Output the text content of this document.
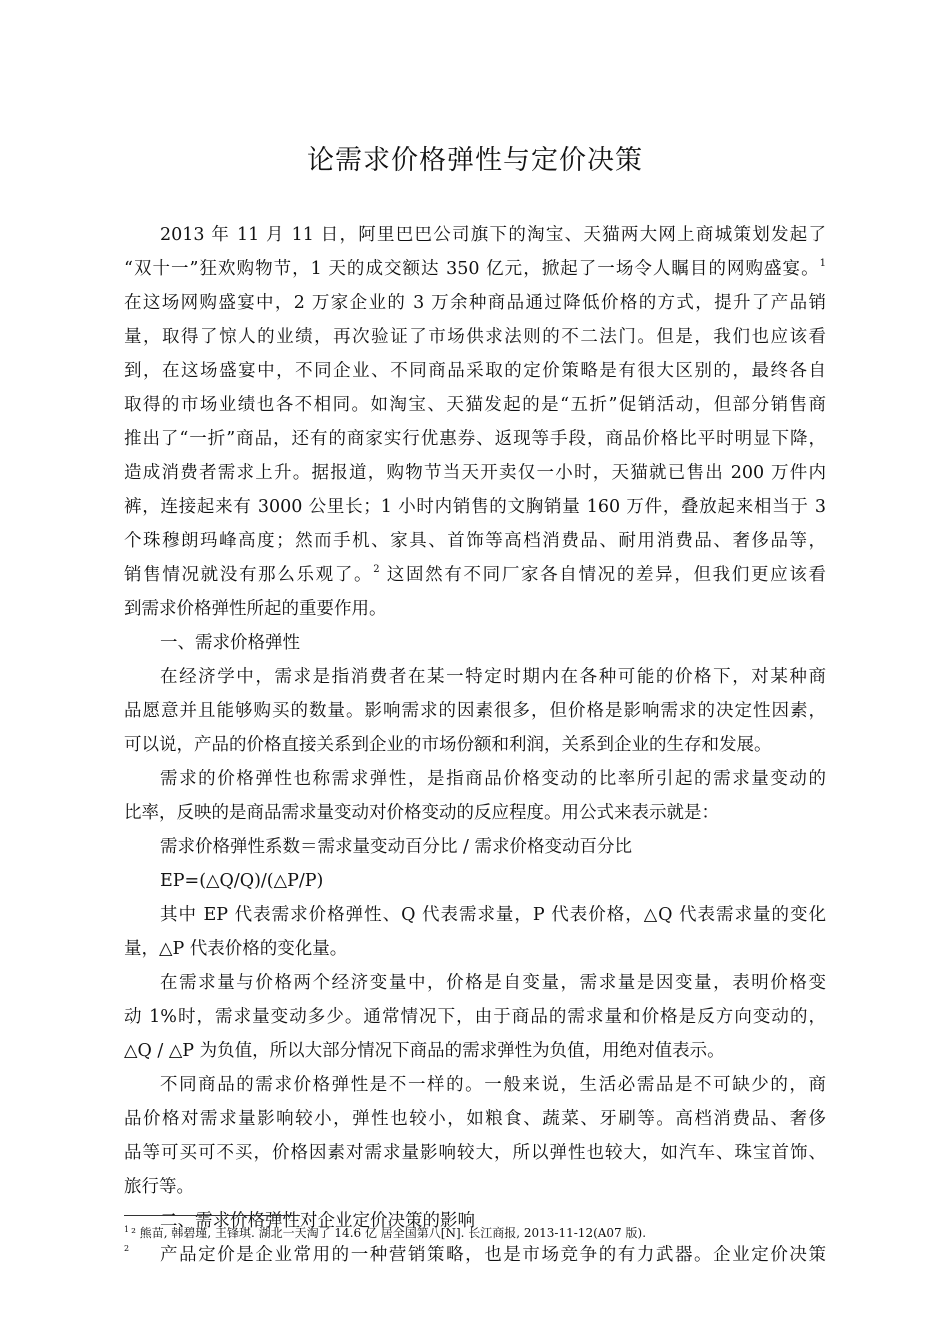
论需求价格弹性与定价决策
2013 年 11 月 11 日，阿里巴巴公司旗下的淘宝、天猫两大网上商城策划发起了
“双十一”狂欢购物节，1 天的成交额达 350 亿元，掀起了一场令人瞩目的网购盛宴。$^1$
在这场网购盛宴中，2 万家企业的 3 万余种商品通过降低价格的方式，提升了产品销
量，取得了惊人的业绩，再次验证了市场供求法则的不二法门。但是，我们也应该看
到，在这场盛宴中，不同企业、不同商品采取的定价策略是有很大区别的，最终各自
取得的市场业绩也各不相同。如淘宝、天猫发起的是“五折”促销活动，但部分销售商
推出了“一折”商品，还有的商家实行优惠券、返现等手段，商品价格比平时明显下降，
造成消费者需求上升。据报道，购物节当天开卖仅一小时，天猫就已售出 200 万件内
裤，连接起来有 3000 公里长；1 小时内销售的文胸销量 160 万件，叠放起来相当于 3
个珠穆朗玛峰高度；然而手机、家具、首饰等高档消费品、耐用消费品、奢侈品等，
销售情况就没有那么乐观了。$^2$ 这固然有不同厂家各自情况的差异，但我们更应该看
到需求价格弹性所起的重要作用。
一、需求价格弹性
在经济学中，需求是指消费者在某一特定时期内在各种可能的价格下，对某种商
品愿意并且能够购买的数量。影响需求的因素很多，但价格是影响需求的决定性因素，
可以说，产品的价格直接关系到企业的市场份额和利润，关系到企业的生存和发展。
需求的价格弹性也称需求弹性，是指商品价格变动的比率所引起的需求量变动的
比率，反映的是商品需求量变动对价格变动的反应程度。用公式来表示就是：
需求价格弹性系数＝需求量变动百分比 / 需求价格变动百分比
EP=(△Q/Q)/(△P/P)
其中 EP 代表需求价格弹性、Q 代表需求量，P 代表价格，△Q 代表需求量的变化
量，△P 代表价格的变化量。
在需求量与价格两个经济变量中，价格是自变量，需求量是因变量，表明价格变
动 1%时，需求量变动多少。通常情况下，由于商品的需求量和价格是反方向变动的，
△Q / △P 为负值，所以大部分情况下商品的需求弹性为负值，用绝对值表示。
不同商品的需求价格弹性是不一样的。一般来说，生活必需品是不可缺少的，商
品价格对需求量影响较小，弹性也较小，如粮食、蔬菜、牙刷等。高档消费品、奢侈
品等可买可不买，价格因素对需求量影响较大，所以弹性也较大，如汽车、珠宝首饰、
旅行等。
二、需求价格弹性对企业定价决策的影响
产品定价是企业常用的一种营销策略，也是市场竞争的有力武器。企业定价决策
$^1$ ² 熊苗, 韩碧瑾, 王锋琪. 湖北一天淘了 14.6 亿 居全国第八[N]. 长江商报, 2013-11-12(A07 版).
$^2$
